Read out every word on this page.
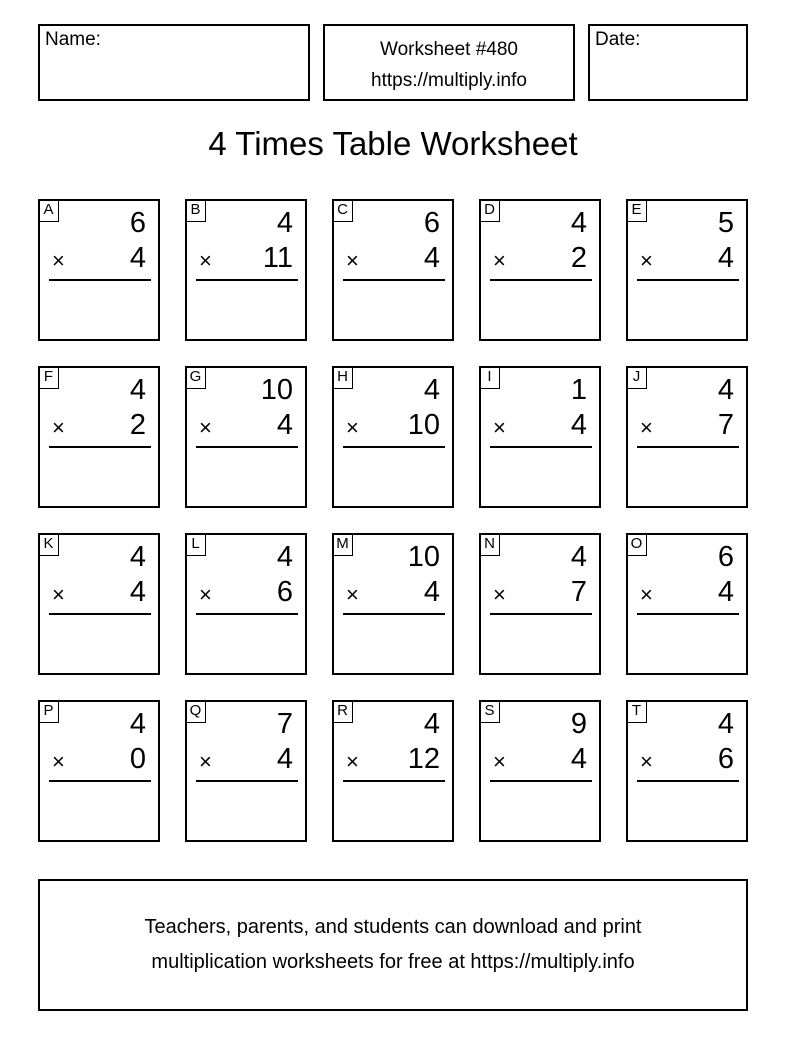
Name:	Worksheet #480
https://multiply.info
Date:
4 Times Table Worksheet
A	6
× 4
B	4
× 11
C	6
× 4
D	4
× 2
E	5
× 4
F	4
× 2
G 10
× 4
H	4
× 10
I	1
× 4
J	4
× 7
K	4
× 4
L	4
× 6
M 10
× 4
N	4
× 7
O	6
× 4
P	4
× 0
Q	7
× 4
R	4
× 12
S	9
× 4
T	4
× 6
Teachers, parents, and students can download and print
multiplication worksheets for free at https://multiply.info
